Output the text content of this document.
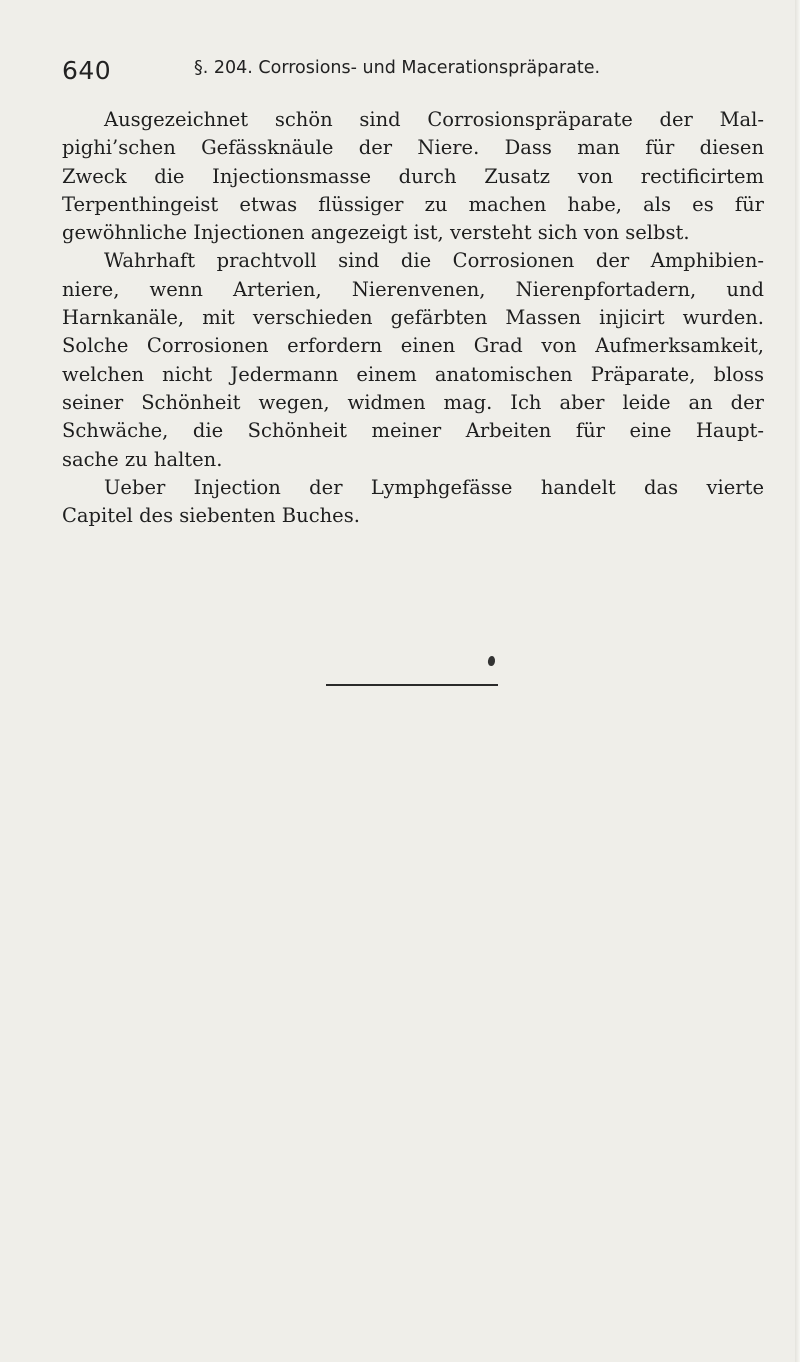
640	§. 204. Corrosions- und Macerationspräparate.
Ausgezeichnet schön sind Corrosionspräparate der Mal-
pighi’schen Gefässknäule der Niere. Dass man für diesen
Zweck die Injectionsmasse durch Zusatz von rectificirtem
Terpenthingeist etwas flüssiger zu machen habe, als es für
gewöhnliche Injectionen angezeigt ist, versteht sich von selbst.
Wahrhaft prachtvoll sind die Corrosionen der Amphibien-
niere, wenn Arterien, Nierenvenen, Nierenpfortadern, und
Harnkanäle, mit verschieden gefärbten Massen injicirt wurden.
Solche Corrosionen erfordern einen Grad von Aufmerksamkeit,
welchen nicht Jedermann einem anatomischen Präparate, bloss
seiner Schönheit wegen, widmen mag. Ich aber leide an der
Schwäche, die Schönheit meiner Arbeiten für eine Haupt-
sache zu halten.
Ueber Injection der Lymphgefässe handelt das vierte
Capitel des siebenten Buches.
